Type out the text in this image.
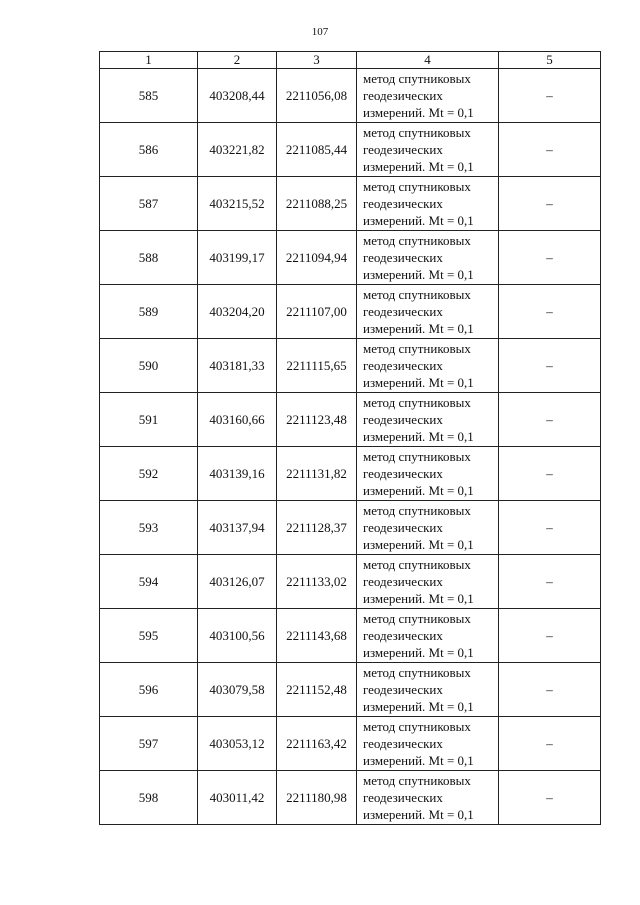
107
1	2	3	4	5
585	403208,44	2211056,08	метод спутниковых
геодезических
измерений. Mt = 0,1	–
586	403221,82	2211085,44	метод спутниковых
геодезических
измерений. Mt = 0,1	–
587	403215,52	2211088,25	метод спутниковых
геодезических
измерений. Mt = 0,1	–
588	403199,17	2211094,94	метод спутниковых
геодезических
измерений. Mt = 0,1	–
589	403204,20	2211107,00	метод спутниковых
геодезических
измерений. Mt = 0,1	–
590	403181,33	2211115,65	метод спутниковых
геодезических
измерений. Mt = 0,1	–
591	403160,66	2211123,48	метод спутниковых
геодезических
измерений. Mt = 0,1	–
592	403139,16	2211131,82	метод спутниковых
геодезических
измерений. Mt = 0,1	–
593	403137,94	2211128,37	метод спутниковых
геодезических
измерений. Mt = 0,1	–
594	403126,07	2211133,02	метод спутниковых
геодезических
измерений. Mt = 0,1	–
595	403100,56	2211143,68	метод спутниковых
геодезических
измерений. Mt = 0,1	–
596	403079,58	2211152,48	метод спутниковых
геодезических
измерений. Mt = 0,1	–
597	403053,12	2211163,42	метод спутниковых
геодезических
измерений. Mt = 0,1	–
598	403011,42	2211180,98	метод спутниковых
геодезических
измерений. Mt = 0,1	–
